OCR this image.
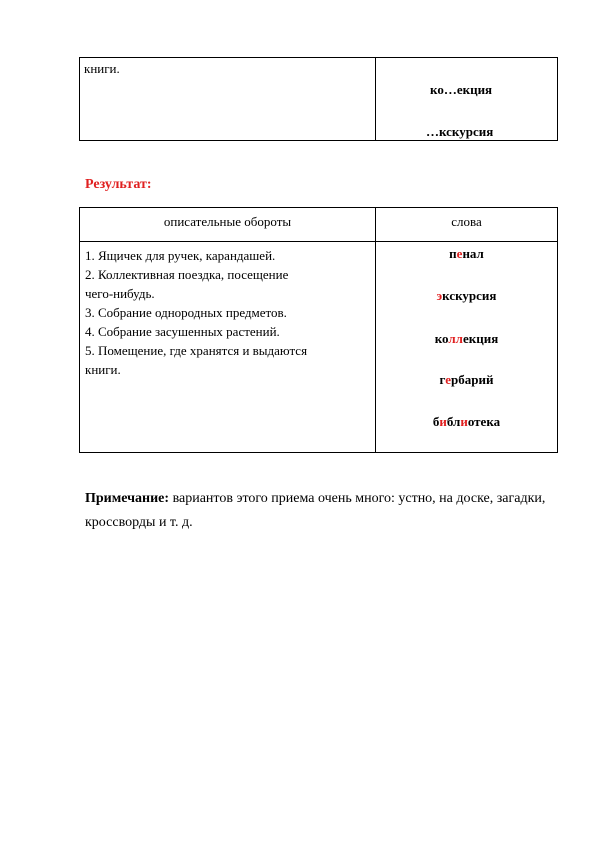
книги.
ко…екция
…кскурсия
Результат:
описательные обороты	слова
1. Ящичек для ручек, карандашей.
2. Коллективная поездка, посещение
чего-нибудь.
3. Собрание однородных предметов.
4. Собрание засушенных растений.
5. Помещение, где хранятся и выдаются
книги.
пенал
экскурсия
коллекция
гербарий
библиотека
Примечание: вариантов этого приема очень много: устно, на доске, загадки, кроссворды и т. д.
